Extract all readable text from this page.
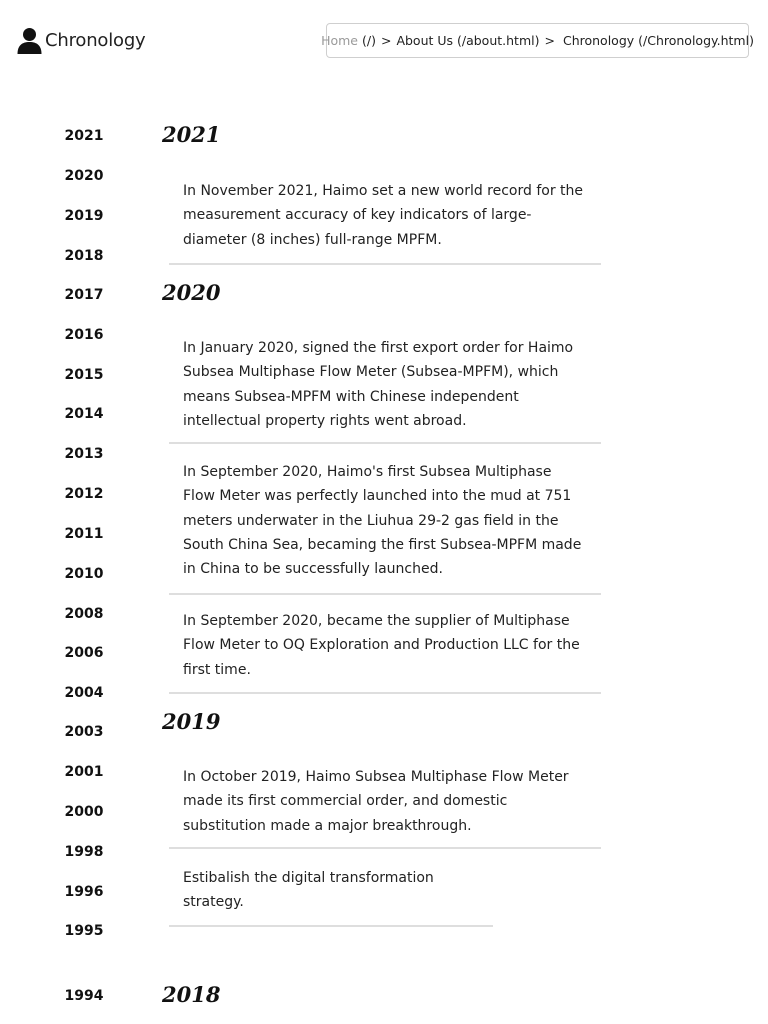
Chronology	Home (/) > About Us (/about.html) > Chronology (/Chronology.html)
2021
2020
2019
2018
2017
2016
2015
2014
2013
2012
2011
2010
2008
2006
2004
2003
2001
2000
1998
1996
1995
1994
2021

In November 2021, Haimo set a new world record for the measurement accuracy of key indicators of large-diameter (8 inches) full-range MPFM.

2020

In January 2020, signed the first export order for Haimo Subsea Multiphase Flow Meter (Subsea-MPFM), which means Subsea-MPFM with Chinese independent intellectual property rights went abroad.

In September 2020, Haimo's first Subsea Multiphase Flow Meter was perfectly launched into the mud at 751 meters underwater in the Liuhua 29-2 gas field in the South China Sea, becaming the first Subsea-MPFM made in China to be successfully launched.

In September 2020, became the supplier of Multiphase Flow Meter to OQ Exploration and Production LLC for the first time.

2019

In October 2019, Haimo Subsea Multiphase Flow Meter made its first commercial order, and domestic substitution made a major breakthrough.

Estibalish the digital transformation strategy.

2018
